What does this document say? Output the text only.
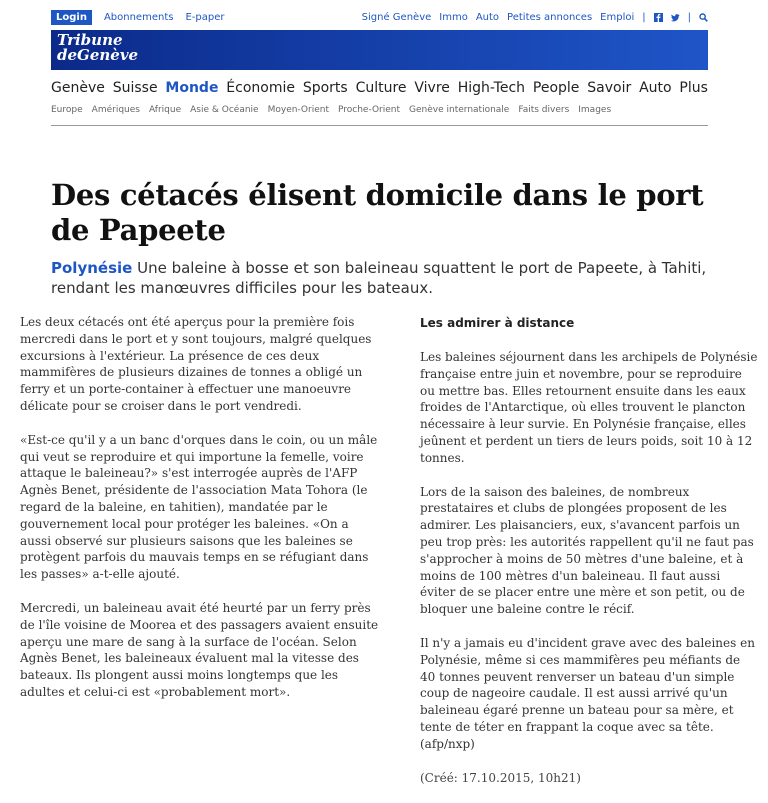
Login	Abonnements E-paper	Signé Genève Immo Auto Petites annonces Emploi |	|
Tribune
deGenève
Genève Suisse Monde Économie Sports Culture Vivre High-Tech People Savoir Auto Plus
Europe Amériques Afrique Asie & Océanie Moyen-Orient Proche-Orient Genève internationale Faits divers Images
Des cétacés élisent domicile dans le port de Papeete
Polynésie Une baleine à bosse et son baleineau squattent le port de Papeete, à Tahiti, rendant les manœuvres difficiles pour les bateaux.

Les deux cétacés ont été aperçus pour la première fois mercredi dans le port et y sont toujours, malgré quelques excursions à l'extérieur. La présence de ces deux mammifères de plusieurs dizaines de tonnes a obligé un ferry et un porte-container à effectuer une manoeuvre délicate pour se croiser dans le port vendredi.

«Est-ce qu'il y a un banc d'orques dans le coin, ou un mâle qui veut se reproduire et qui importune la femelle, voire attaque le baleineau?» s'est interrogée auprès de l'AFP Agnès Benet, présidente de l'association Mata Tohora (le regard de la baleine, en tahitien), mandatée par le gouvernement local pour protéger les baleines. «On a aussi observé sur plusieurs saisons que les baleines se protègent parfois du mauvais temps en se réfugiant dans les passes» a-t-elle ajouté.

Mercredi, un baleineau avait été heurté par un ferry près de l'île voisine de Moorea et des passagers avaient ensuite aperçu une mare de sang à la surface de l'océan. Selon Agnès Benet, les baleineaux évaluent mal la vitesse des bateaux. Ils plongent aussi moins longtemps que les adultes et celui-ci est «probablement mort».

Les admirer à distance

Les baleines séjournent dans les archipels de Polynésie française entre juin et novembre, pour se reproduire ou mettre bas. Elles retournent ensuite dans les eaux froides de l'Antarctique, où elles trouvent le plancton nécessaire à leur survie. En Polynésie française, elles jeûnent et perdent un tiers de leurs poids, soit 10 à 12 tonnes.

Lors de la saison des baleines, de nombreux prestataires et clubs de plongées proposent de les admirer. Les plaisanciers, eux, s'avancent parfois un peu trop près: les autorités rappellent qu'il ne faut pas s'approcher à moins de 50 mètres d'une baleine, et à moins de 100 mètres d'un baleineau. Il faut aussi éviter de se placer entre une mère et son petit, ou de bloquer une baleine contre le récif.

Il n'y a jamais eu d'incident grave avec des baleines en Polynésie, même si ces mammifères peu méfiants de 40 tonnes peuvent renverser un bateau d'un simple coup de nageoire caudale. Il est aussi arrivé qu'un baleineau égaré prenne un bateau pour sa mère, et tente de téter en frappant la coque avec sa tête. (afp/nxp)

(Créé: 17.10.2015, 10h21)
